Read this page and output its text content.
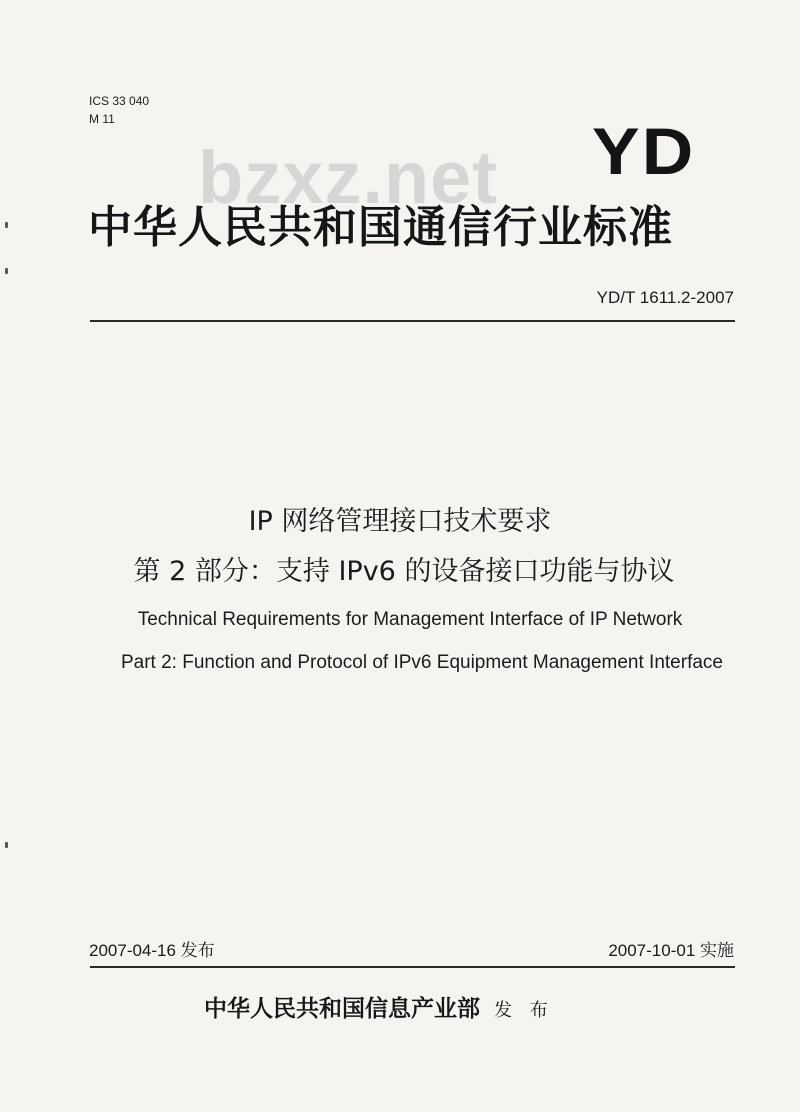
ICS 33 040
M 11
bzxz.net YD
中华人民共和国通信行业标准
YD/T 1611.2-2007
IP 网络管理接口技术要求
第 2 部分：支持 IPv6 的设备接口功能与协议
Technical Requirements for Management Interface of IP Network
Part 2: Function and Protocol of IPv6 Equipment Management Interface
2007-04-16 发布	2007-10-01 实施
中华人民共和国信息产业部 发 布
